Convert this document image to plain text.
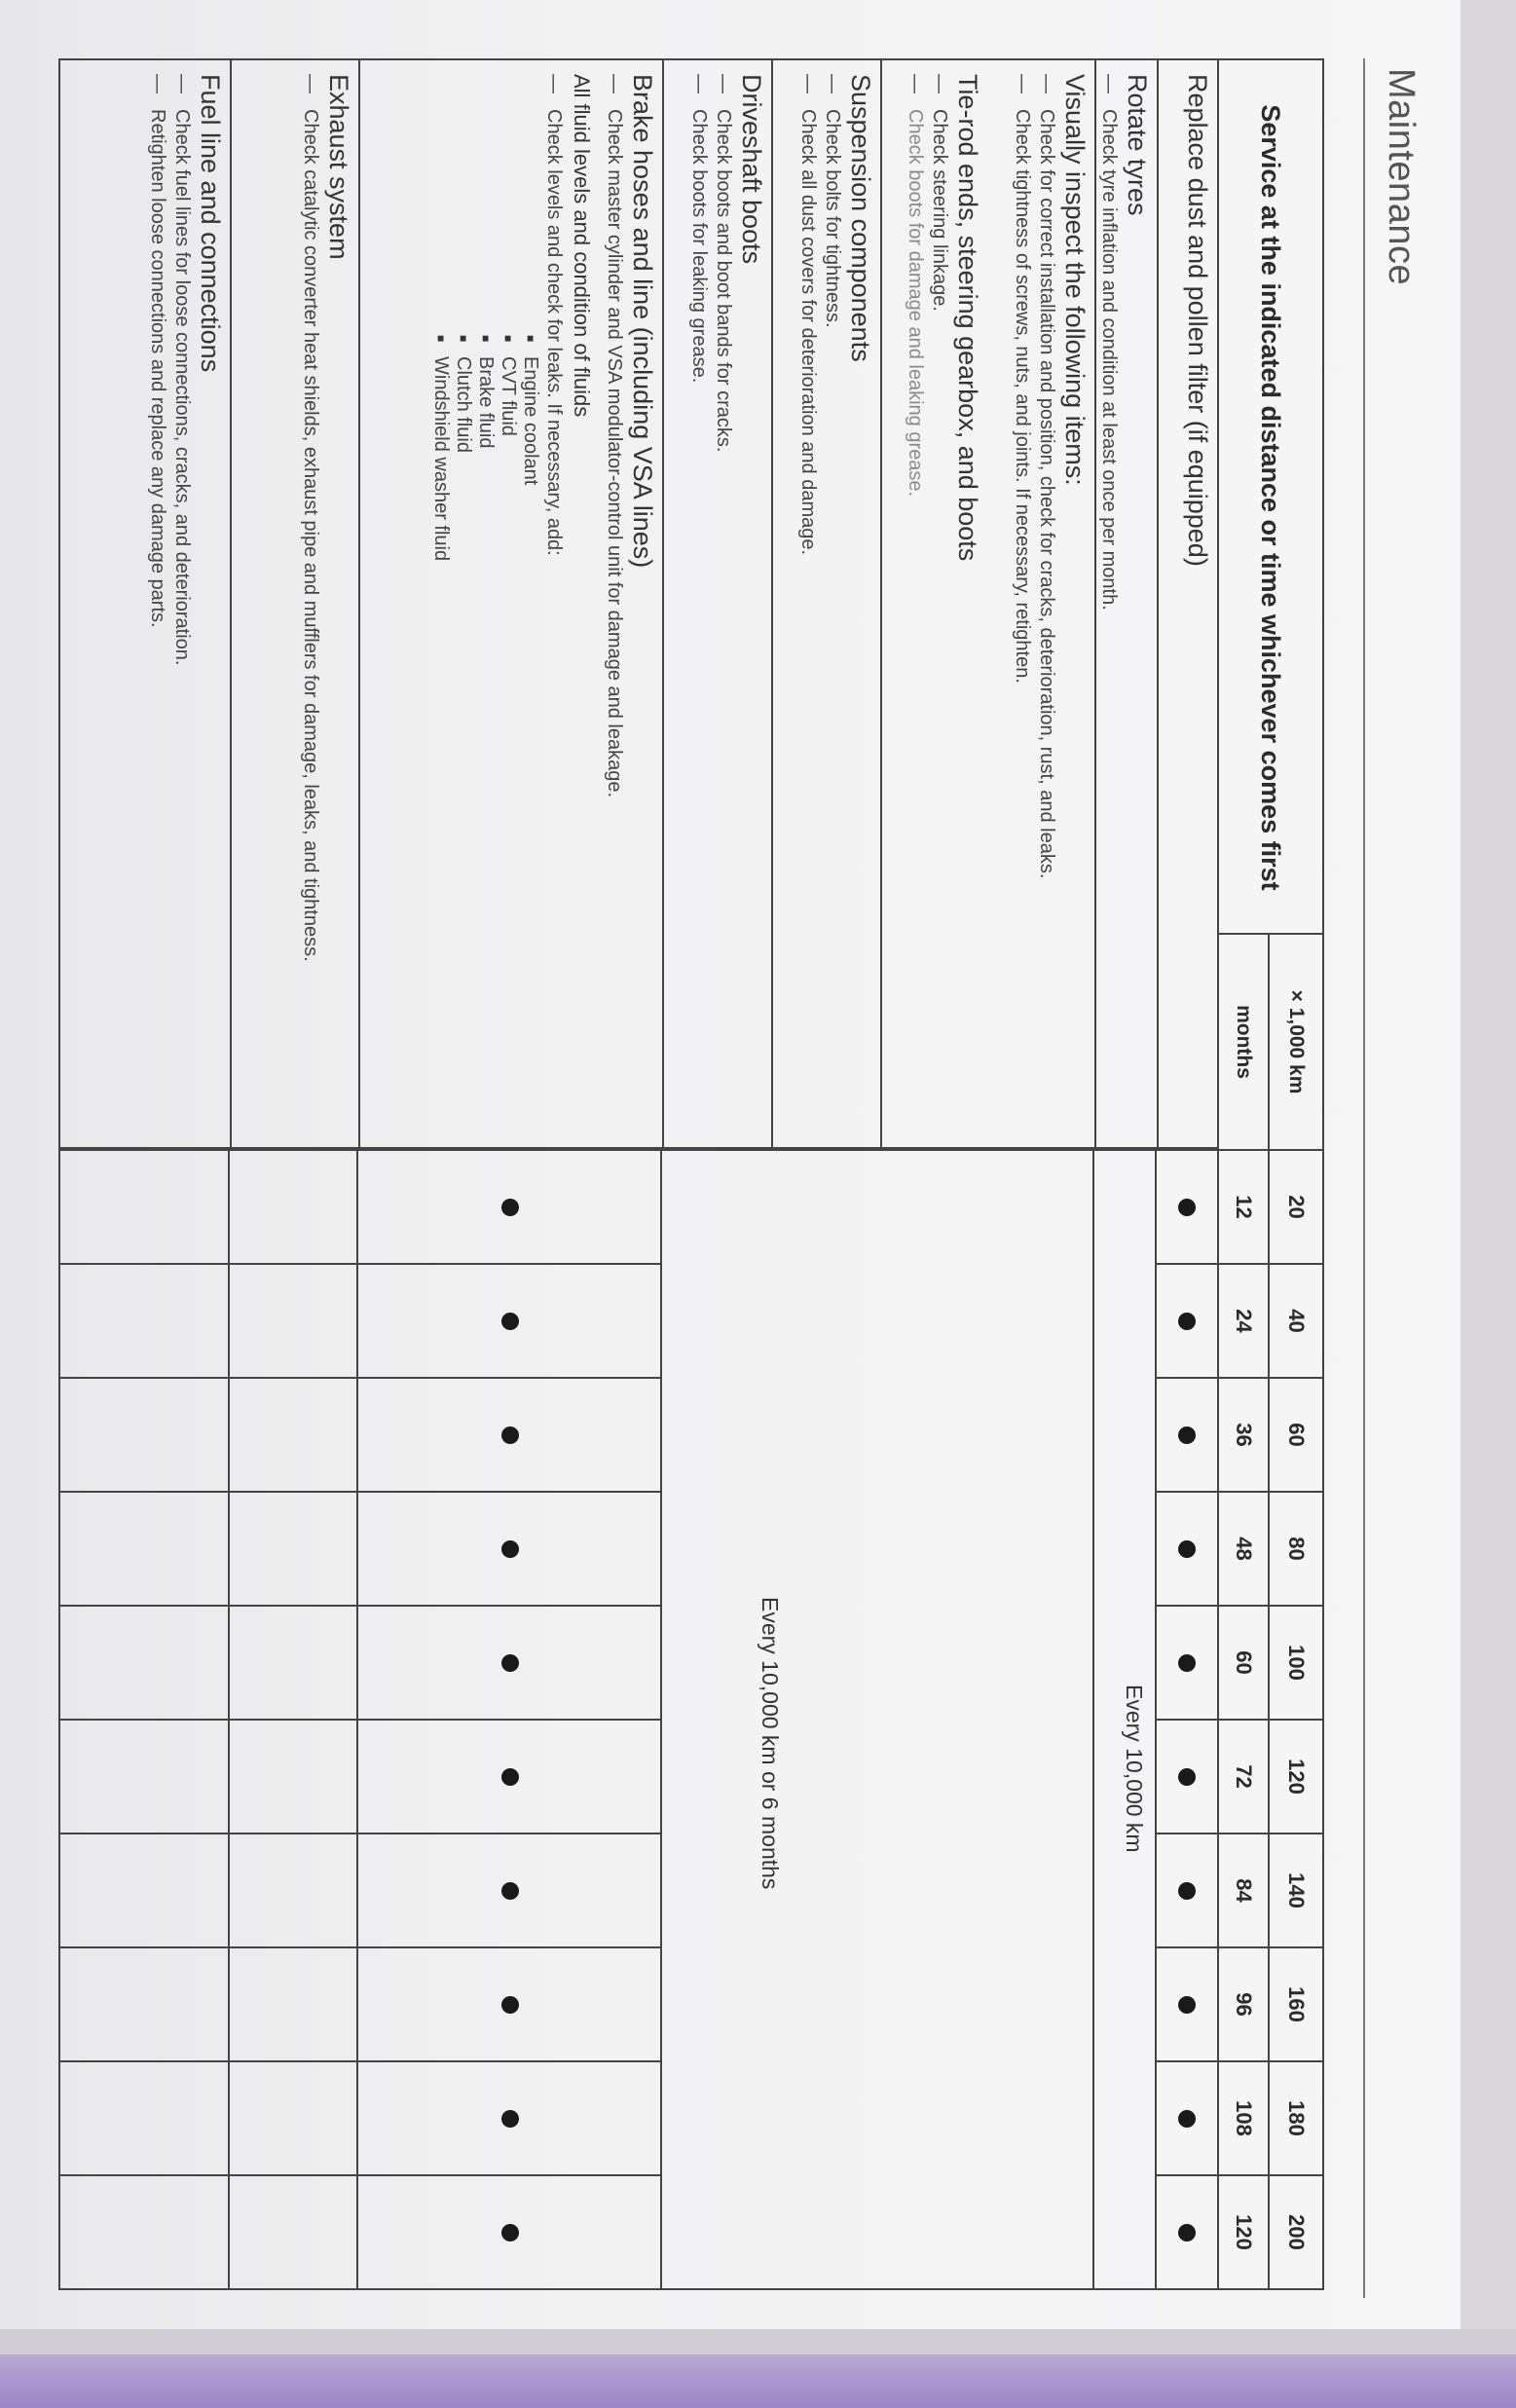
Maintenance
Service at the indicated distance or time whichever comes first
× 1,000 km
months
20
12
40
24
60
36
80
48
100
60
120
72
140
84
160
96
180
108
200
120
Replace dust and pollen filter (if equipped)
Rotate tyres
— Check tyre inflation and condition at least once per month.
Visually inspect the following items:
— Check for correct installation and position, check for cracks, deterioration, rust, and leaks.
— Check tightness of screws, nuts, and joints. If necessary, retighten.
Tie-rod ends, steering gearbox, and boots
— Check steering linkage.
— Check boots for damage and leaking grease.
Suspension components
— Check bolts for tightness.
— Check all dust covers for deterioration and damage.
Driveshaft boots
— Check boots and boot bands for cracks.
— Check boots for leaking grease.
Brake hoses and line (including VSA lines)
— Check master cylinder and VSA modulator-control unit for damage and leakage.
All fluid levels and condition of fluids
— Check levels and check for leaks. If necessary, add:
■ Engine coolant
■ CVT fluid
■ Brake fluid
■ Clutch fluid
■ Windshield washer fluid
Exhaust system
— Check catalytic converter heat shields, exhaust pipe and mufflers for damage, leaks, and tightness.
Fuel line and connections
— Check fuel lines for loose connections, cracks, and deterioration.
— Retighten loose connections and replace any damage parts.
Every 10,000 km
Every 10,000 km or 6 months
